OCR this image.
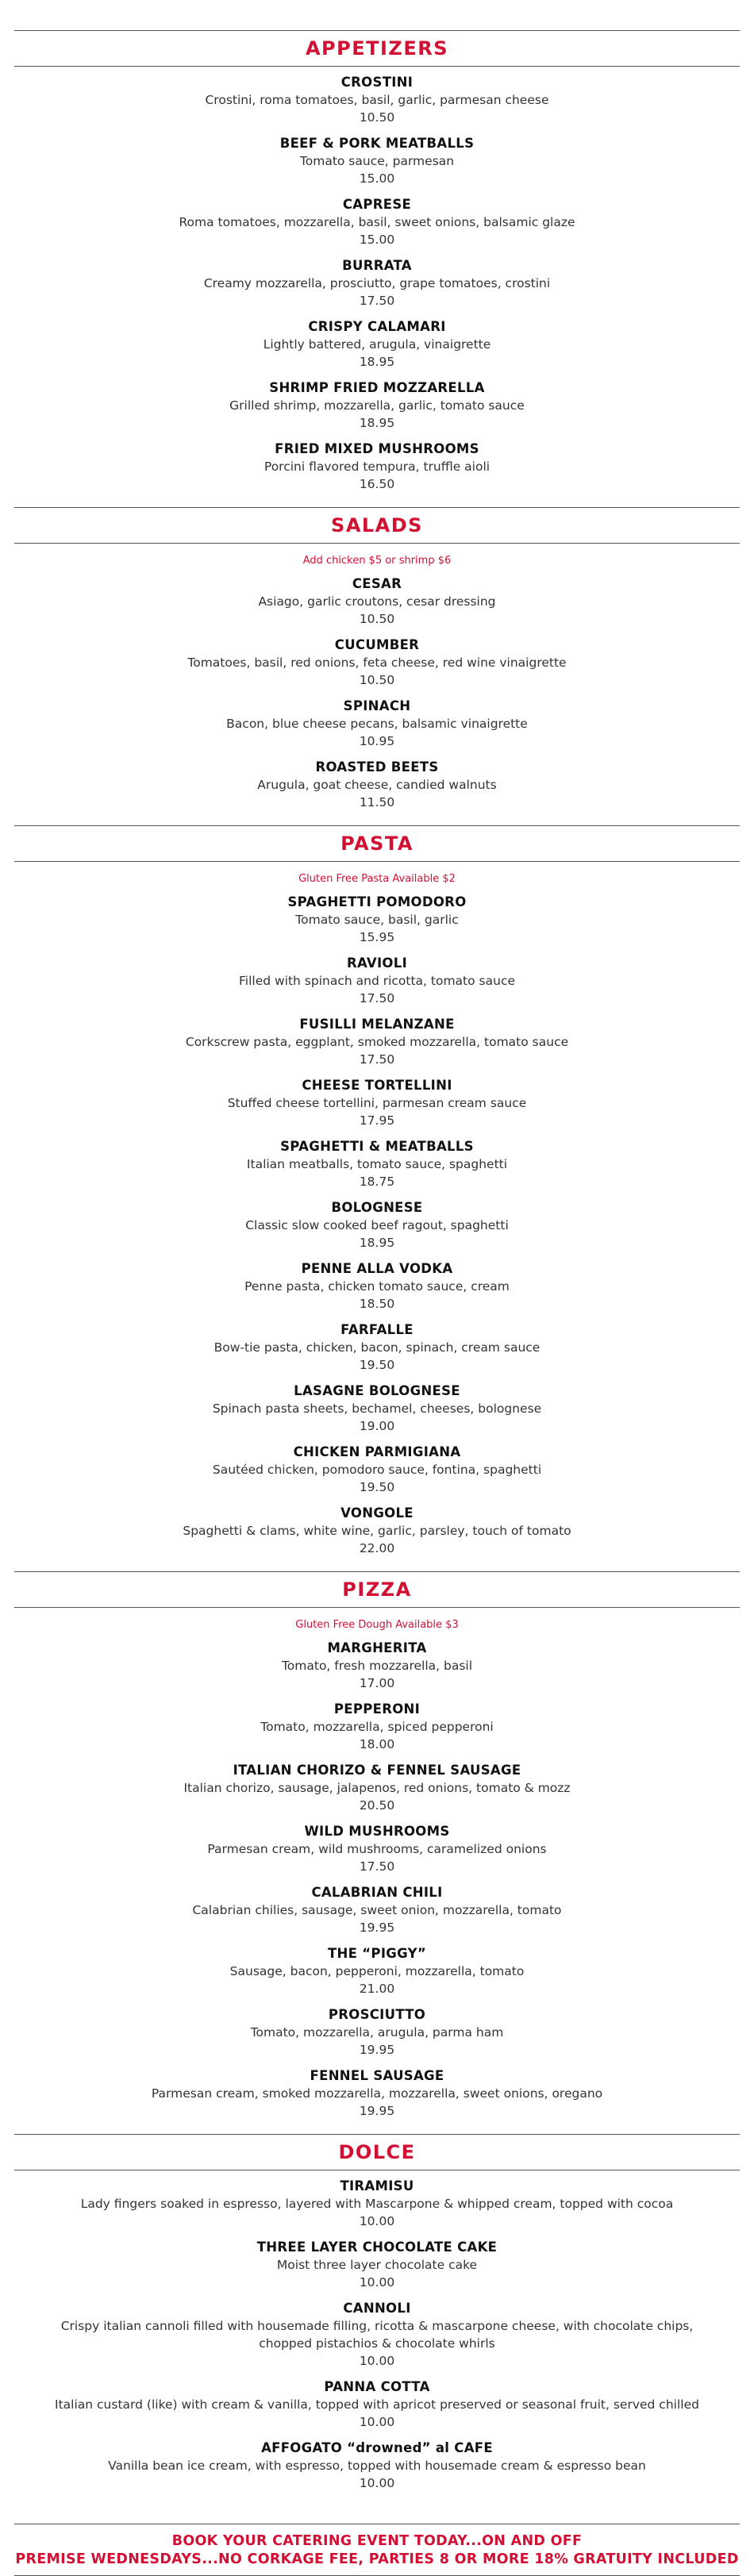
APPETIZERS
CROSTINI
Crostini, roma tomatoes, basil, garlic, parmesan cheese
10.50
BEEF & PORK MEATBALLS
Tomato sauce, parmesan
15.00
CAPRESE
Roma tomatoes, mozzarella, basil, sweet onions, balsamic glaze
15.00
BURRATA
Creamy mozzarella, prosciutto, grape tomatoes, crostini
17.50
CRISPY CALAMARI
Lightly battered, arugula, vinaigrette
18.95
SHRIMP FRIED MOZZARELLA
Grilled shrimp, mozzarella, garlic, tomato sauce
18.95
FRIED MIXED MUSHROOMS
Porcini flavored tempura, truffle aioli
16.50
SALADS
Add chicken $5 or shrimp $6
CESAR
Asiago, garlic croutons, cesar dressing
10.50
CUCUMBER
Tomatoes, basil, red onions, feta cheese, red wine vinaigrette
10.50
SPINACH
Bacon, blue cheese pecans, balsamic vinaigrette
10.95
ROASTED BEETS
Arugula, goat cheese, candied walnuts
11.50
PASTA
Gluten Free Pasta Available $2
SPAGHETTI POMODORO
Tomato sauce, basil, garlic
15.95
RAVIOLI
Filled with spinach and ricotta, tomato sauce
17.50
FUSILLI MELANZANE
Corkscrew pasta, eggplant, smoked mozzarella, tomato sauce
17.50
CHEESE TORTELLINI
Stuffed cheese tortellini, parmesan cream sauce
17.95
SPAGHETTI & MEATBALLS
Italian meatballs, tomato sauce, spaghetti
18.75
BOLOGNESE
Classic slow cooked beef ragout, spaghetti
18.95
PENNE ALLA VODKA
Penne pasta, chicken tomato sauce, cream
18.50
FARFALLE
Bow-tie pasta, chicken, bacon, spinach, cream sauce
19.50
LASAGNE BOLOGNESE
Spinach pasta sheets, bechamel, cheeses, bolognese
19.00
CHICKEN PARMIGIANA
Sautéed chicken, pomodoro sauce, fontina, spaghetti
19.50
VONGOLE
Spaghetti & clams, white wine, garlic, parsley, touch of tomato
22.00
PIZZA
Gluten Free Dough Available $3
MARGHERITA
Tomato, fresh mozzarella, basil
17.00
PEPPERONI
Tomato, mozzarella, spiced pepperoni
18.00
ITALIAN CHORIZO & FENNEL SAUSAGE
Italian chorizo, sausage, jalapenos, red onions, tomato & mozz
20.50
WILD MUSHROOMS
Parmesan cream, wild mushrooms, caramelized onions
17.50
CALABRIAN CHILI
Calabrian chilies, sausage, sweet onion, mozzarella, tomato
19.95
THE “PIGGY”
Sausage, bacon, pepperoni, mozzarella, tomato
21.00
PROSCIUTTO
Tomato, mozzarella, arugula, parma ham
19.95
FENNEL SAUSAGE
Parmesan cream, smoked mozzarella, mozzarella, sweet onions, oregano
19.95
DOLCE
TIRAMISU
Lady fingers soaked in espresso, layered with Mascarpone & whipped cream, topped with cocoa
10.00
THREE LAYER CHOCOLATE CAKE
Moist three layer chocolate cake
10.00
CANNOLI
Crispy italian cannoli filled with housemade filling, ricotta & mascarpone cheese, with chocolate chips, chopped pistachios & chocolate whirls
10.00
PANNA COTTA
Italian custard (like) with cream & vanilla, topped with apricot preserved or seasonal fruit, served chilled
10.00
AFFOGATO “drowned” al CAFE
Vanilla bean ice cream, with espresso, topped with housemade cream & espresso bean
10.00
BOOK YOUR CATERING EVENT TODAY...ON AND OFF
PREMISE WEDNESDAYS...NO CORKAGE FEE, PARTIES 8 OR MORE 18% GRATUITY INCLUDED
